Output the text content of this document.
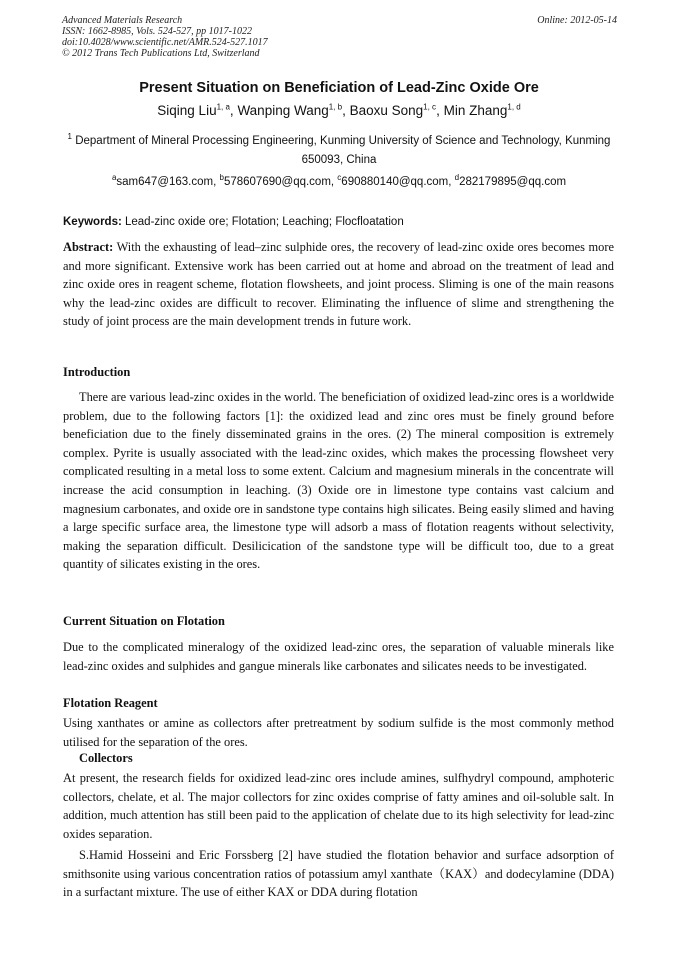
Advanced Materials Research
ISSN: 1662-8985, Vols. 524-527, pp 1017-1022
doi:10.4028/www.scientific.net/AMR.524-527.1017
© 2012 Trans Tech Publications Ltd, Switzerland
Online: 2012-05-14
Present Situation on Beneficiation of Lead-Zinc Oxide Ore
Siqing Liu$^{1, a}$, Wanping Wang$^{1, b}$, Baoxu Song$^{1, c}$, Min Zhang$^{1, d}$
$^1$ Department of Mineral Processing Engineering, Kunming University of Science and Technology, Kunming 650093, China
$^a$sam647@163.com, $^b$578607690@qq.com, $^c$690880140@qq.com, $^d$282179895@qq.com
Keywords: Lead-zinc oxide ore; Flotation; Leaching; Flocfloatation

Abstract: With the exhausting of lead–zinc sulphide ores, the recovery of lead-zinc oxide ores becomes more and more significant. Extensive work has been carried out at home and abroad on the treatment of lead and zinc oxide ores in reagent scheme, flotation flowsheets, and joint process. Sliming is one of the main reasons why the lead-zinc oxides are difficult to recover. Eliminating the influence of slime and strengthening the study of joint process are the main development trends in future work.

Introduction
There are various lead-zinc oxides in the world. The beneficiation of oxidized lead-zinc ores is a worldwide problem, due to the following factors [1]: the oxidized lead and zinc ores must be finely ground before beneficiation due to the finely disseminated grains in the ores. (2) The mineral composition is extremely complex. Pyrite is usually associated with the lead-zinc oxides, which makes the processing flowsheet very complicated resulting in a metal loss to some extent. Calcium and magnesium minerals in the concentrate will increase the acid consumption in leaching. (3) Oxide ore in limestone type contains vast calcium and magnesium carbonates, and oxide ore in sandstone type contains high silicates. Being easily slimed and having a large specific surface area, the limestone type will adsorb a mass of flotation reagents without selectivity, making the separation difficult. Desilicication of the sandstone type will be difficult too, due to a great quantity of silicates existing in the ores.
Current Situation on Flotation
Due to the complicated mineralogy of the oxidized lead-zinc ores, the separation of valuable minerals like lead-zinc oxides and sulphides and gangue minerals like carbonates and silicates needs to be investigated.
Flotation Reagent
Using xanthates or amine as collectors after pretreatment by sodium sulfide is the most commonly method utilised for the separation of the ores.
Collectors
At present, the research fields for oxidized lead-zinc ores include amines, sulfhydryl compound, amphoteric collectors, chelate, et al. The major collectors for zinc oxides comprise of fatty amines and oil-soluble salt. In addition, much attention has still been paid to the application of chelate due to its high selectivity for lead-zinc oxides separation.
S.Hamid Hosseini and Eric Forssberg [2] have studied the flotation behavior and surface adsorption of smithsonite using various concentration ratios of potassium amyl xanthate（KAX）and dodecylamine (DDA) in a surfactant mixture. The use of either KAX or DDA during flotation
